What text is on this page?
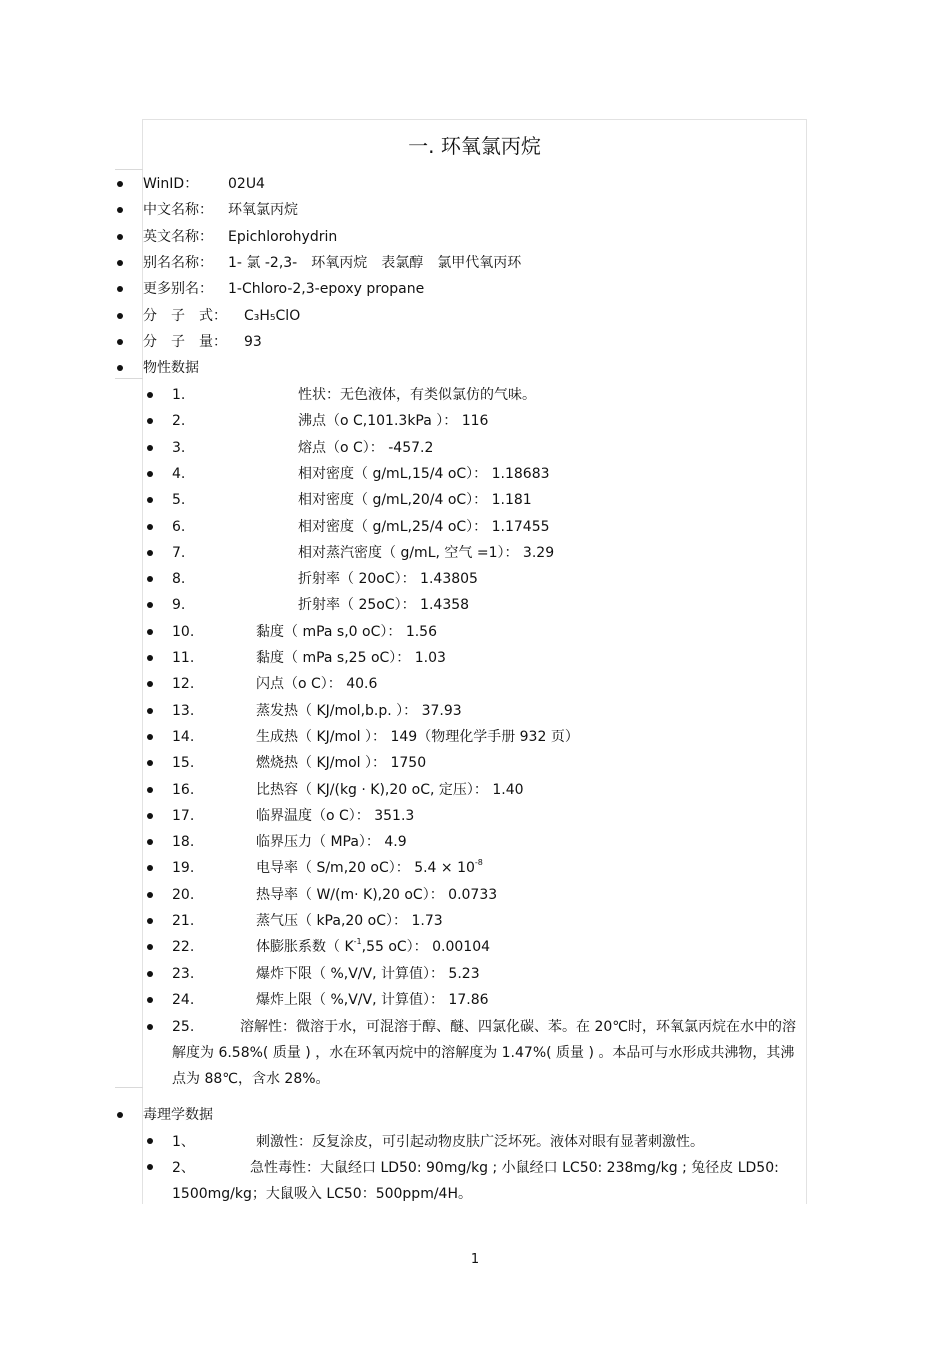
一. 环氧氯丙烷
WinID： 02U4
中文名称： 环氧氯丙烷
英文名称： Epichlorohydrin
别名名称： 1- 氯 -2,3-　环氧丙烷　表氯醇　氯甲代氧丙环
更多别名： 1-Chloro-2,3-epoxy propane
分　子　式： C₃H₅ClO
分　子　量： 93
物性数据
1.	性状：无色液体，有类似氯仿的气味。
2.	沸点（o C,101.3kPa ）： 116
3.	熔点（o C）： -457.2
4.	相对密度（ g/mL,15/4 oC）： 1.18683
5.	相对密度（ g/mL,20/4 oC）： 1.181
6.	相对密度（ g/mL,25/4 oC）： 1.17455
7.	相对蒸汽密度（ g/mL, 空气 =1）： 3.29
8.	折射率（ 20oC）： 1.43805
9.	折射率（ 25oC）： 1.4358
10.	黏度（ mPa s,0 oC）： 1.56
11.	黏度（ mPa s,25 oC）： 1.03
12.	闪点（o C）： 40.6
13.	蒸发热（ KJ/mol,b.p. ）： 37.93
14.	生成热（ KJ/mol ）： 149（物理化学手册 932 页）
15.	燃烧热（ KJ/mol ）： 1750
16.	比热容（ KJ/(kg · K),20 oC, 定压）： 1.40
17.	临界温度（o C）： 351.3
18.	临界压力（ MPa）： 4.9
19.	电导率（ S/m,20 oC）： $5.4 \times 10^{-8}$
20.	热导率（ W/(m· K),20 oC）： 0.0733
21.	蒸气压（ kPa,20 oC）： 1.73
22.	体膨胀系数（ $K^{-1},55$ oC）： 0.00104
23.	爆炸下限（ %,V/V, 计算值）： 5.23
24.	爆炸上限（ %,V/V, 计算值）： 17.86
25.	溶解性：微溶于水，可混溶于醇、醚、四氯化碳、苯。在 20℃时，环氧氯丙烷在水中的溶解度为 6.58%( 质量 ) ，水在环氧丙烷中的溶解度为 1.47%( 质量 ) 。本品可与水形成共沸物，其沸点为 88℃，含水 28%。
毒理学数据
1、	刺激性：反复涂皮，可引起动物皮肤广泛坏死。液体对眼有显著刺激性。
2、	急性毒性：大鼠经口 LD50: 90mg/kg ; 小鼠经口 LC50: 238mg/kg ; 兔径皮 LD50: 1500mg/kg；大鼠吸入 LC50：500ppm/4H。
1
